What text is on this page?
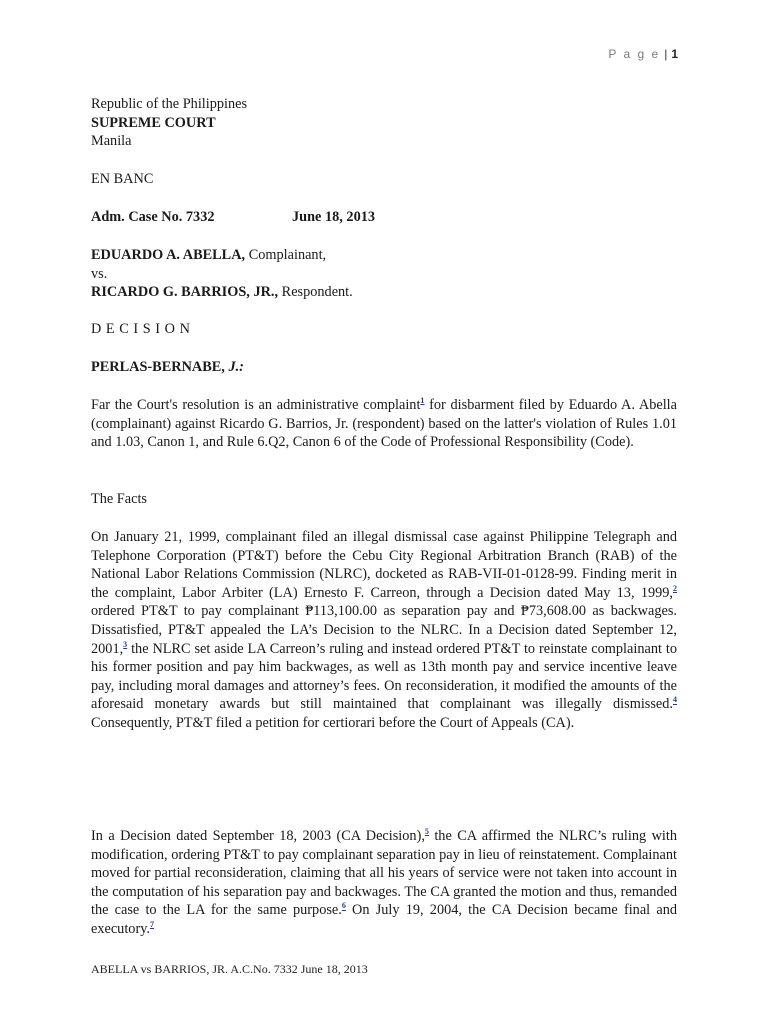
P a g e | 1
Republic of the Philippines
SUPREME COURT
Manila
EN BANC
Adm. Case No. 7332	June 18, 2013
EDUARDO A. ABELLA, Complainant,
vs.
RICARDO G. BARRIOS, JR., Respondent.
DECISION
PERLAS-BERNABE, J.:
Far the Court's resolution is an administrative complaint$^1$ for disbarment filed by Eduardo A. Abella (complainant) against Ricardo G. Barrios, Jr. (respondent) based on the latter's violation of Rules 1.01 and 1.03, Canon 1, and Rule 6.Q2, Canon 6 of the Code of Professional Responsibility (Code).
The Facts
On January 21, 1999, complainant filed an illegal dismissal case against Philippine Telegraph and Telephone Corporation (PT&T) before the Cebu City Regional Arbitration Branch (RAB) of the National Labor Relations Commission (NLRC), docketed as RAB-VII-01-0128-99. Finding merit in the complaint, Labor Arbiter (LA) Ernesto F. Carreon, through a Decision dated May 13, 1999,$^2$ ordered PT&T to pay complainant ₱113,100.00 as separation pay and ₱73,608.00 as backwages. Dissatisfied, PT&T appealed the LA’s Decision to the NLRC. In a Decision dated September 12, 2001,$^3$ the NLRC set aside LA Carreon’s ruling and instead ordered PT&T to reinstate complainant to his former position and pay him backwages, as well as 13th month pay and service incentive leave pay, including moral damages and attorney’s fees. On reconsideration, it modified the amounts of the aforesaid monetary awards but still maintained that complainant was illegally dismissed.$^4$ Consequently, PT&T filed a petition for certiorari before the Court of Appeals (CA).
In a Decision dated September 18, 2003 (CA Decision),$^5$ the CA affirmed the NLRC’s ruling with modification, ordering PT&T to pay complainant separation pay in lieu of reinstatement. Complainant moved for partial reconsideration, claiming that all his years of service were not taken into account in the computation of his separation pay and backwages. The CA granted the motion and thus, remanded the case to the LA for the same purpose.$^6$ On July 19, 2004, the CA Decision became final and executory.$^7$
ABELLA vs BARRIOS, JR. A.C.No. 7332 June 18, 2013
